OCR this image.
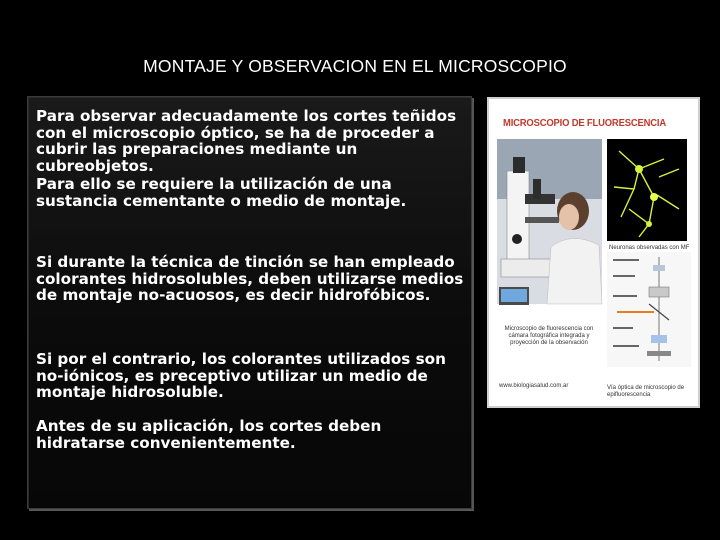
MONTAJE Y OBSERVACION EN EL MICROSCOPIO
Para observar adecuadamente los cortes teñidos con el microscopio óptico, se ha de proceder a cubrir las preparaciones mediante un cubreobjetos.
Para ello se requiere la utilización de una sustancia cementante o medio de montaje.
Si durante la técnica de tinción se han empleado colorantes hidrosolubles, deben utilizarse medios de montaje no-acuosos, es decir hidrofóbicos.
Si por el contrario, los colorantes utilizados son no-iónicos, es preceptivo utilizar un medio de montaje hidrosoluble.
Antes de su aplicación, los cortes deben hidratarse convenientemente.
MICROSCOPIO DE FLUORESCENCIA
Neuronas observadas con MF
Microscopio de fluorescencia con cámara fotográfica integrada y proyección de la observación
www.biologiasalud.com.ar	Vía óptica de microscopio de epifluorescencia
